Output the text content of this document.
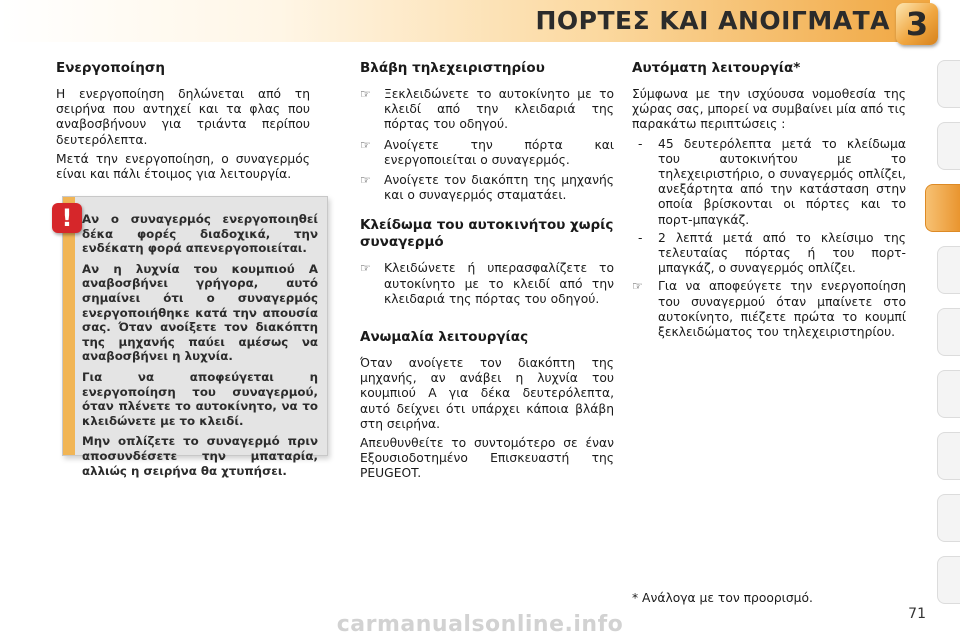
ΠΟΡΤΕΣ ΚΑΙ ΑΝΟΙΓΜΑΤΑ 3
Ενεργοποίηση

Η ενεργοποίηση δηλώνεται από τη σειρήνα που αντηχεί και τα φλας που αναβοσβήνουν για τριάντα περίπου δευτερόλεπτα.

Μετά την ενεργοποίηση, ο συναγερμός είναι και πάλι έτοιμος για λειτουργία.

! Αν ο συναγερμός ενεργοποιηθεί δέκα φορές διαδοχικά, την ενδέκατη φορά απενεργοποιείται.

Αν η λυχνία του κουμπιού A αναβοσβήνει γρήγορα, αυτό σημαίνει ότι ο συναγερμός ενεργοποιήθηκε κατά την απουσία σας. Όταν ανοίξετε τον διακόπτη της μηχανής παύει αμέσως να αναβοσβήνει η λυχνία.

Για να αποφεύγεται η ενεργοποίηση του συναγερμού, όταν πλένετε το αυτοκίνητο, να το κλειδώνετε με το κλειδί.

Μην οπλίζετε το συναγερμό πριν αποσυνδέσετε την μπαταρία, αλλιώς η σειρήνα θα χτυπήσει.

Βλάβη τηλεχειριστηρίου
☞ Ξεκλειδώνετε το αυτοκίνητο με το κλειδί από την κλειδαριά της πόρτας του οδηγού.
☞ Ανοίγετε την πόρτα και ενεργοποιείται ο συναγερμός.
☞ Ανοίγετε τον διακόπτη της μηχανής και ο συναγερμός σταματάει.
Κλείδωμα του αυτοκινήτου χωρίς συναγερμό
☞ Κλειδώνετε ή υπερασφαλίζετε το αυτοκίνητο με το κλειδί από την κλειδαριά της πόρτας του οδηγού.
Ανωμαλία λειτουργίας

Όταν ανοίγετε τον διακόπτη της μηχανής, αν ανάβει η λυχνία του κουμπιού A για δέκα δευτερόλεπτα, αυτό δείχνει ότι υπάρχει κάποια βλάβη στη σειρήνα.

Απευθυνθείτε το συντομότερο σε έναν Εξουσιοδοτημένο Επισκευαστή της PEUGEOT.

Αυτόματη λειτουργία*

Σύμφωνα με την ισχύουσα νομοθεσία της χώρας σας, μπορεί να συμβαίνει μία από τις παρακάτω περιπτώσεις :

- 45 δευτερόλεπτα μετά το κλείδωμα του αυτοκινήτου με το τηλεχειριστήριο, ο συναγερμός οπλίζει, ανεξάρτητα από την κατάσταση στην οποία βρίσκονται οι πόρτες και το πορτ-μπαγκάζ.
- 2 λεπτά μετά από το κλείσιμο της τελευταίας πόρτας ή του πορτ-μπαγκάζ, ο συναγερμός οπλίζει.
☞ Για να αποφεύγετε την ενεργοποίηση του συναγερμού όταν μπαίνετε στο αυτοκίνητο, πιέζετε πρώτα το κουμπί ξεκλειδώματος του τηλεχειριστηρίου.
* Ανάλογα με τον προορισμό.
71
carmanualsonline.info
